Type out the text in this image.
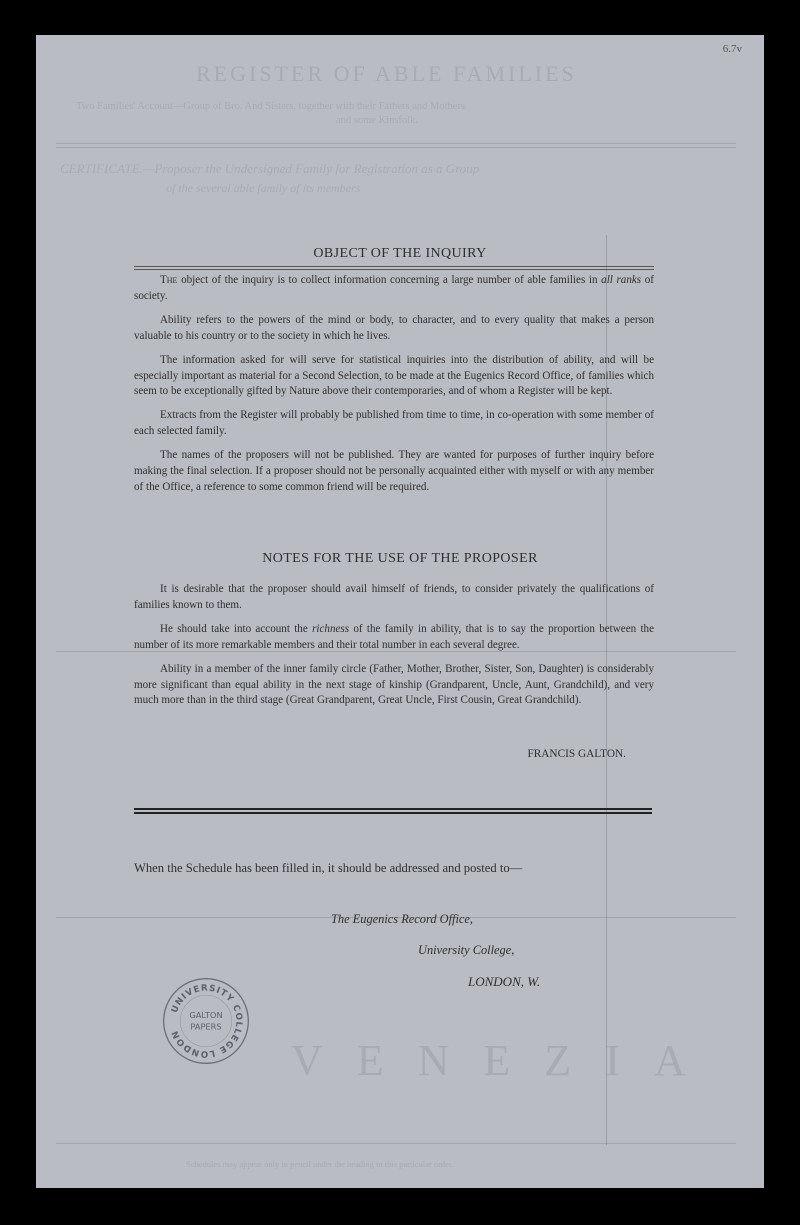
REGISTER OF ABLE FAMILIES
Two Families' Account—Group of Bro. And Sisters, together with their Fathers and Mothers
and some Kinsfolk.
CERTIFICATE.—Proposer the Undersigned Family for Registration as a Group
of the several able family of its members
VENEZIA
Schedules may appear only in pencil under the heading in this particular order.
6.7v
OBJECT OF THE INQUIRY

The object of the inquiry is to collect information concerning a large number of able families in all ranks of society.

Ability refers to the powers of the mind or body, to character, and to every quality that makes a person valuable to his country or to the society in which he lives.

The information asked for will serve for statistical inquiries into the distribution of ability, and will be especially important as material for a Second Selection, to be made at the Eugenics Record Office, of families which seem to be exceptionally gifted by Nature above their contemporaries, and of whom a Register will be kept.

Extracts from the Register will probably be published from time to time, in co-operation with some member of each selected family.

The names of the proposers will not be published. They are wanted for purposes of further inquiry before making the final selection. If a proposer should not be personally acquainted either with myself or with any member of the Office, a reference to some common friend will be required.

NOTES FOR THE USE OF THE PROPOSER

It is desirable that the proposer should avail himself of friends, to consider privately the qualifications of families known to them.

He should take into account the richness of the family in ability, that is to say the proportion between the number of its more remarkable members and their total number in each several degree.

Ability in a member of the inner family circle (Father, Mother, Brother, Sister, Son, Daughter) is considerably more significant than equal ability in the next stage of kinship (Grandparent, Uncle, Aunt, Grandchild), and very much more than in the third stage (Great Grandparent, Great Uncle, First Cousin, Great Grandchild).

FRANCIS GALTON.
When the Schedule has been filled in, it should be addressed and posted to—
The Eugenics Record Office,
University College,
LONDON, W.
UNIVERSITY COLLEGE LONDON
GALTON
PAPERS
